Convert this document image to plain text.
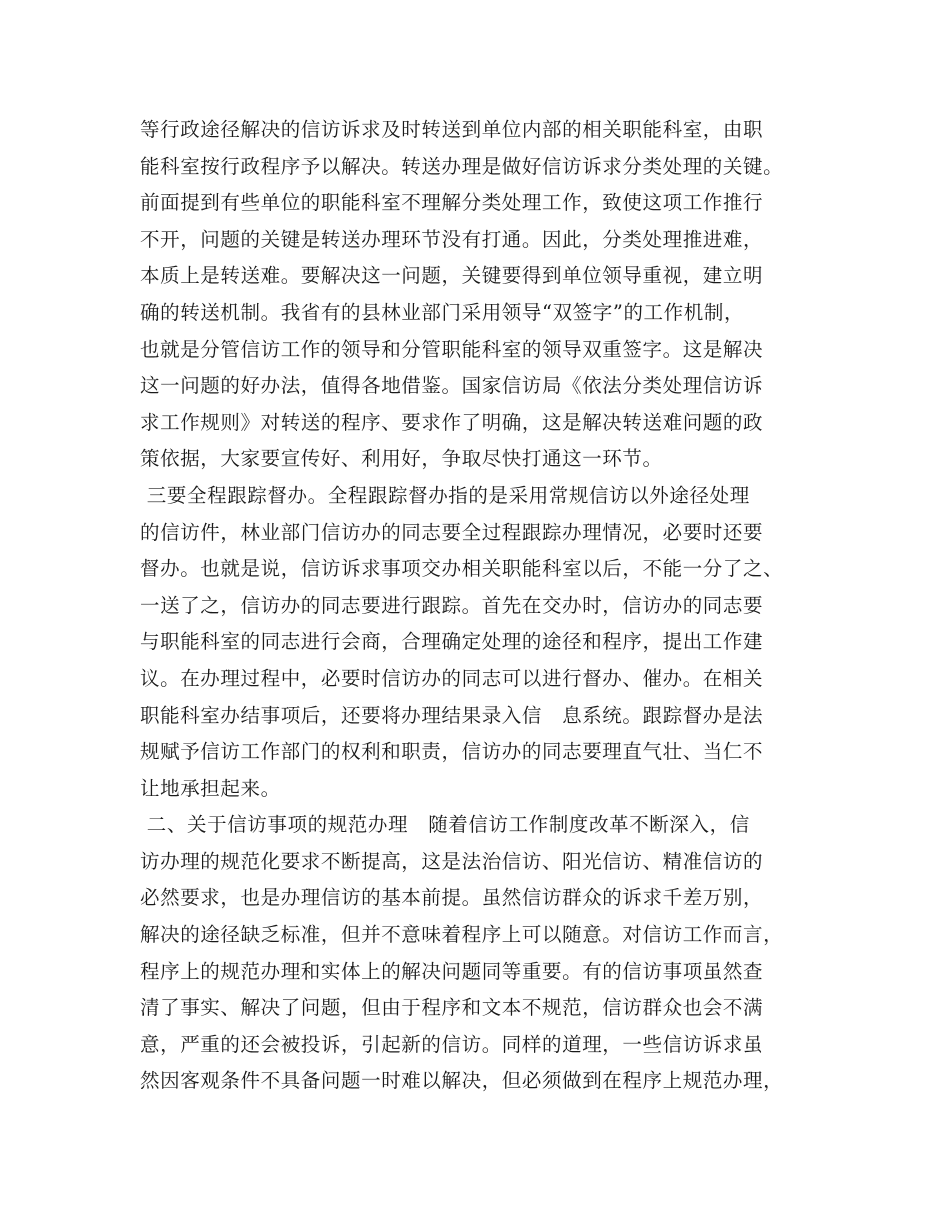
等行政途径解决的信访诉求及时转送到单位内部的相关职能科室，由职
能科室按行政程序予以解决。转送办理是做好信访诉求分类处理的关键。
前面提到有些单位的职能科室不理解分类处理工作，致使这项工作推行
不开，问题的关键是转送办理环节没有打通。因此，分类处理推进难，
本质上是转送难。要解决这一问题，关键要得到单位领导重视，建立明
确的转送机制。我省有的县林业部门采用领导“双签字”的工作机制，
也就是分管信访工作的领导和分管职能科室的领导双重签字。这是解决
这一问题的好办法，值得各地借鉴。国家信访局《依法分类处理信访诉
求工作规则》对转送的程序、要求作了明确，这是解决转送难问题的政
策依据，大家要宣传好、利用好，争取尽快打通这一环节。
三要全程跟踪督办。全程跟踪督办指的是采用常规信访以外途径处理
的信访件，林业部门信访办的同志要全过程跟踪办理情况，必要时还要
督办。也就是说，信访诉求事项交办相关职能科室以后，不能一分了之、
一送了之，信访办的同志要进行跟踪。首先在交办时，信访办的同志要
与职能科室的同志进行会商，合理确定处理的途径和程序，提出工作建
议。在办理过程中，必要时信访办的同志可以进行督办、催办。在相关
职能科室办结事项后，还要将办理结果录入信　息系统。跟踪督办是法
规赋予信访工作部门的权利和职责，信访办的同志要理直气壮、当仁不
让地承担起来。
二、关于信访事项的规范办理　随着信访工作制度改革不断深入，信
访办理的规范化要求不断提高，这是法治信访、阳光信访、精准信访的
必然要求，也是办理信访的基本前提。虽然信访群众的诉求千差万别，
解决的途径缺乏标准，但并不意味着程序上可以随意。对信访工作而言，
程序上的规范办理和实体上的解决问题同等重要。有的信访事项虽然查
清了事实、解决了问题，但由于程序和文本不规范，信访群众也会不满
意，严重的还会被投诉，引起新的信访。同样的道理，一些信访诉求虽
然因客观条件不具备问题一时难以解决，但必须做到在程序上规范办理，
